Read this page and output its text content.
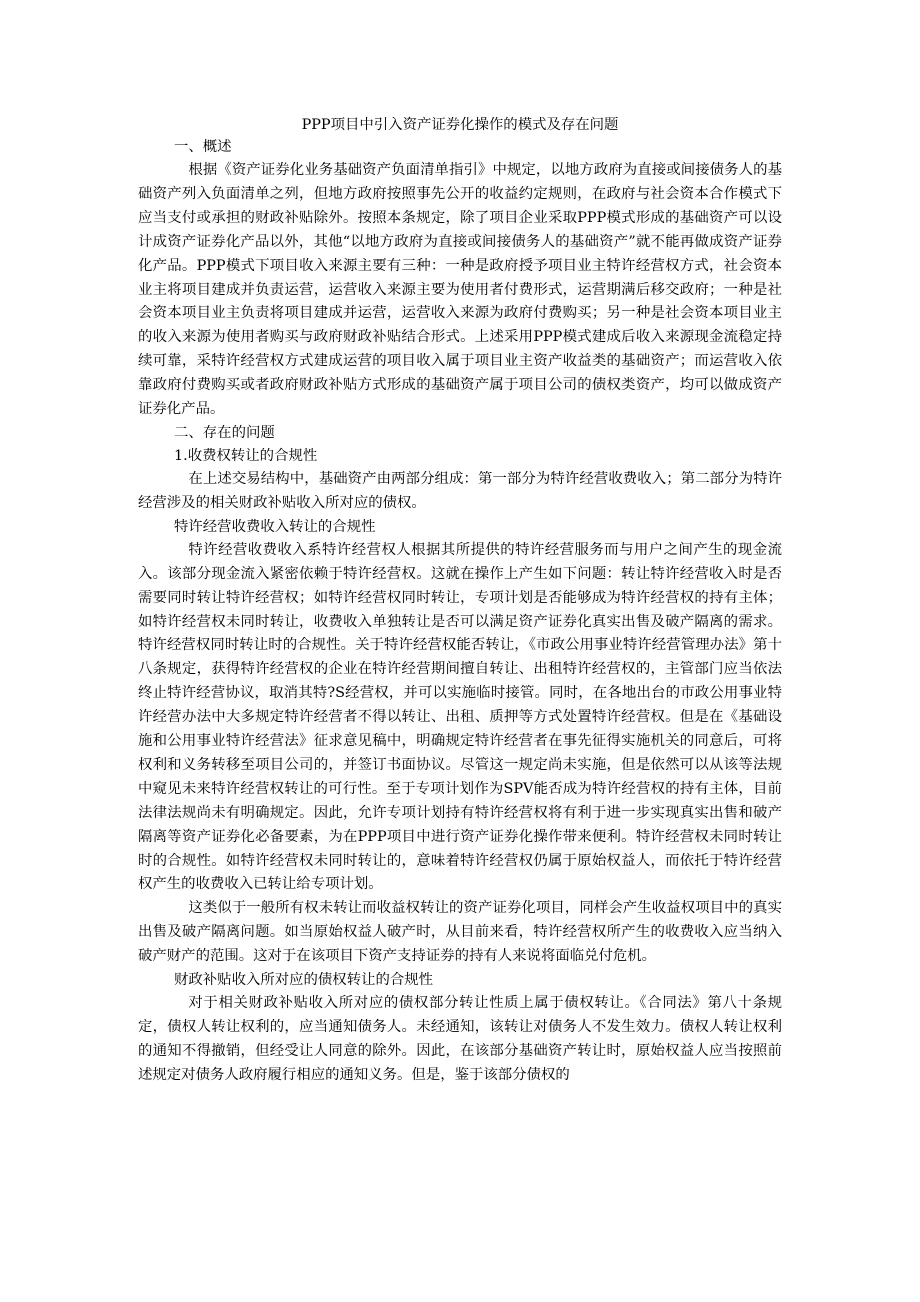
PPP项目中引入资产证券化操作的模式及存在问题

一、概述

根据《资产证券化业务基础资产负面清单指引》中规定，以地方政府为直接或间接债务人的基础资产列入负面清单之列，但地方政府按照事先公开的收益约定规则，在政府与社会资本合作模式下应当支付或承担的财政补贴除外。按照本条规定，除了项目企业采取PPP模式形成的基础资产可以设计成资产证券化产品以外，其他“以地方政府为直接或间接债务人的基础资产”就不能再做成资产证券化产品。PPP模式下项目收入来源主要有三种：一种是政府授予项目业主特许经营权方式，社会资本业主将项目建成并负责运营，运营收入来源主要为使用者付费形式，运营期满后移交政府；一种是社会资本项目业主负责将项目建成并运营，运营收入来源为政府付费购买；另一种是社会资本项目业主的收入来源为使用者购买与政府财政补贴结合形式。上述采用PPP模式建成后收入来源现金流稳定持续可靠，采特许经营权方式建成运营的项目收入属于项目业主资产收益类的基础资产；而运营收入依靠政府付费购买或者政府财政补贴方式形成的基础资产属于项目公司的债权类资产，均可以做成资产证券化产品。

二、存在的问题

1.收费权转让的合规性

在上述交易结构中，基础资产由两部分组成：第一部分为特许经营收费收入；第二部分为特许经营涉及的相关财政补贴收入所对应的债权。

特许经营收费收入转让的合规性

特许经营收费收入系特许经营权人根据其所提供的特许经营服务而与用户之间产生的现金流入。该部分现金流入紧密依赖于特许经营权。这就在操作上产生如下问题：转让特许经营收入时是否需要同时转让特许经营权；如特许经营权同时转让，专项计划是否能够成为特许经营权的持有主体；如特许经营权未同时转让，收费收入单独转让是否可以满足资产证券化真实出售及破产隔离的需求。特许经营权同时转让时的合规性。关于特许经营权能否转让，《市政公用事业特许经营管理办法》第十八条规定，获得特许经营权的企业在特许经营期间擅自转让、出租特许经营权的，主管部门应当依法终止特许经营协议，取消其特?S经营权，并可以实施临时接管。同时，在各地出台的市政公用事业特许经营办法中大多规定特许经营者不得以转让、出租、质押等方式处置特许经营权。但是在《基础设施和公用事业特许经营法》征求意见稿中，明确规定特许经营者在事先征得实施机关的同意后，可将权利和义务转移至项目公司的，并签订书面协议。尽管这一规定尚未实施，但是依然可以从该等法规中窥见未来特许经营权转让的可行性。至于专项计划作为SPV能否成为特许经营权的持有主体，目前法律法规尚未有明确规定。因此，允许专项计划持有特许经营权将有利于进一步实现真实出售和破产隔离等资产证券化必备要素，为在PPP项目中进行资产证券化操作带来便利。特许经营权未同时转让时的合规性。如特许经营权未同时转让的，意味着特许经营权仍属于原始权益人，而依托于特许经营权产生的收费收入已转让给专项计划。

这类似于一般所有权未转让而收益权转让的资产证券化项目，同样会产生收益权项目中的真实出售及破产隔离问题。如当原始权益人破产时，从目前来看，特许经营权所产生的收费收入应当纳入破产财产的范围。这对于在该项目下资产支持证券的持有人来说将面临兑付危机。

财政补贴收入所对应的债权转让的合规性

对于相关财政补贴收入所对应的债权部分转让性质上属于债权转让。《合同法》第八十条规定，债权人转让权利的，应当通知债务人。未经通知，该转让对债务人不发生效力。债权人转让权利的通知不得撤销，但经受让人同意的除外。因此，在该部分基础资产转让时，原始权益人应当按照前述规定对债务人政府履行相应的通知义务。但是，鉴于该部分债权的
